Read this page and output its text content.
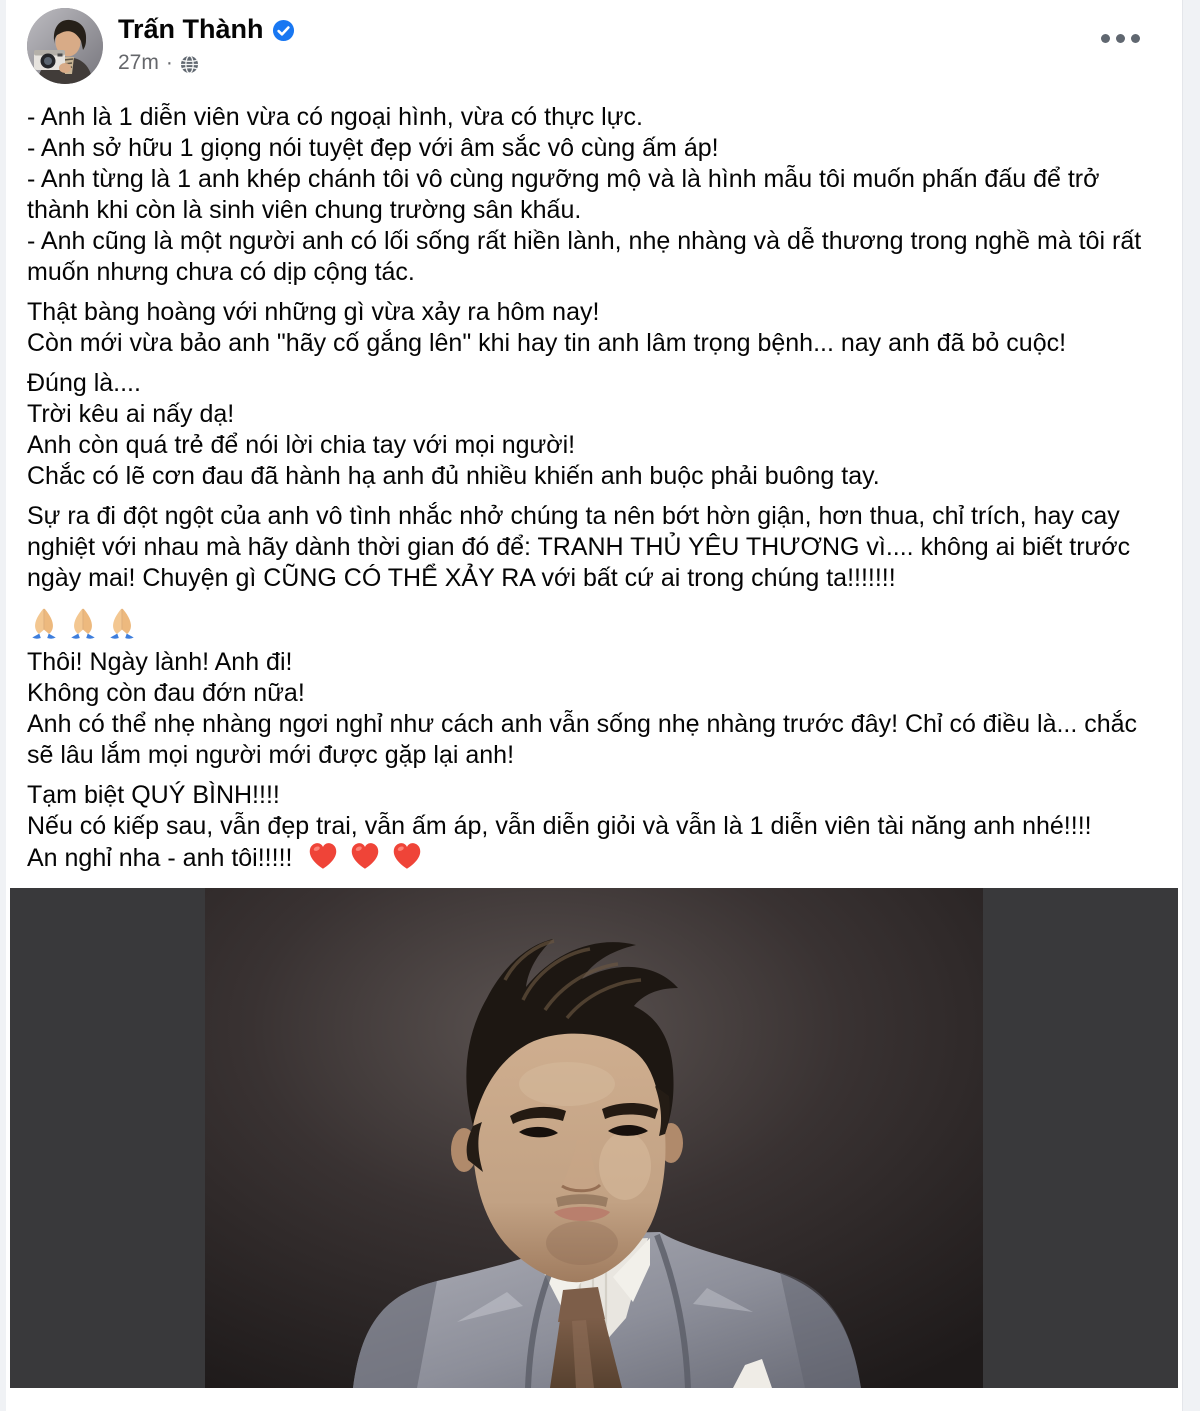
Trấn Thành
27m ·
- Anh là 1 diễn viên vừa có ngoại hình, vừa có thực lực.
- Anh sở hữu 1 giọng nói tuyệt đẹp với âm sắc vô cùng ấm áp!
- Anh từng là 1 anh khép chánh tôi vô cùng ngưỡng mộ và là hình mẫu tôi muốn phấn đấu để trở thành khi còn là sinh viên chung trường sân khấu.
- Anh cũng là một người anh có lối sống rất hiền lành, nhẹ nhàng và dễ thương trong nghề mà tôi rất muốn nhưng chưa có dịp cộng tác.
Thật bàng hoàng với những gì vừa xảy ra hôm nay!
Còn mới vừa bảo anh "hãy cố gắng lên" khi hay tin anh lâm trọng bệnh... nay anh đã bỏ cuộc!
Đúng là....
Trời kêu ai nấy dạ!
Anh còn quá trẻ để nói lời chia tay với mọi người!
Chắc có lẽ cơn đau đã hành hạ anh đủ nhiều khiến anh buộc phải buông tay.
Sự ra đi đột ngột của anh vô tình nhắc nhở chúng ta nên bớt hờn giận, hơn thua, chỉ trích, hay cay nghiệt với nhau mà hãy dành thời gian đó để: TRANH THỦ YÊU THƯƠNG vì.... không ai biết trước ngày mai! Chuyện gì CŨNG CÓ THỂ XẢY RA với bất cứ ai trong chúng ta!!!!!!!
Thôi! Ngày lành! Anh đi!
Không còn đau đớn nữa!
Anh có thể nhẹ nhàng ngơi nghỉ như cách anh vẫn sống nhẹ nhàng trước đây! Chỉ có điều là... chắc sẽ lâu lắm mọi người mới được gặp lại anh!
Tạm biệt QUÝ BÌNH!!!!
Nếu có kiếp sau, vẫn đẹp trai, vẫn ấm áp, vẫn diễn giỏi và vẫn là 1 diễn viên tài năng anh nhé!!!!
An nghỉ nha - anh tôi!!!!!
